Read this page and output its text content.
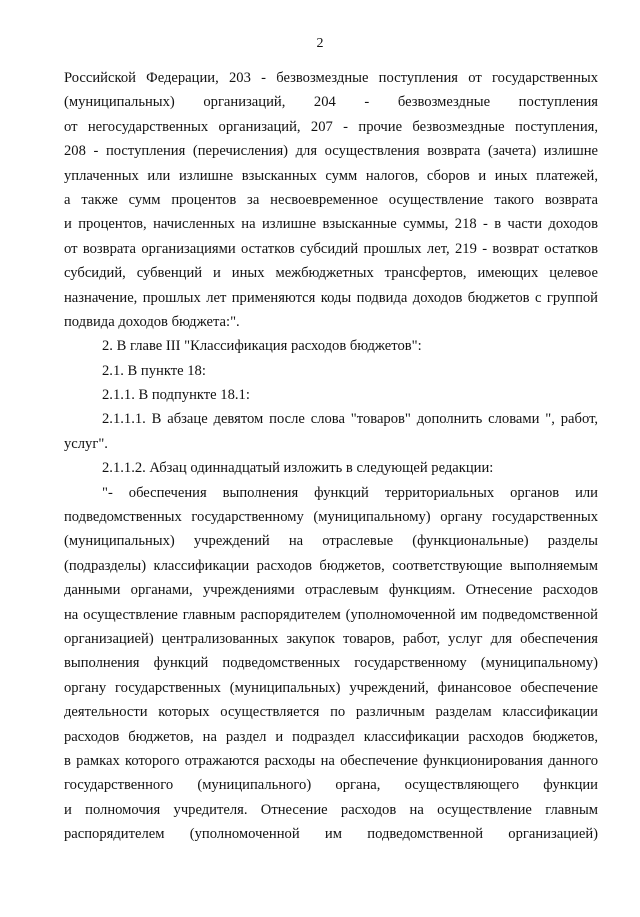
2
Российской Федерации, 203 - безвозмездные поступления от государственных
(муниципальных) организаций, 204 - безвозмездные поступления
от негосударственных организаций, 207 - прочие безвозмездные поступления,
208 - поступления (перечисления) для осуществления возврата (зачета) излишне
уплаченных или излишне взысканных сумм налогов, сборов и иных платежей,
а также сумм процентов за несвоевременное осуществление такого возврата
и процентов, начисленных на излишне взысканные суммы, 218 - в части доходов
от возврата организациями остатков субсидий прошлых лет, 219 - возврат остатков
субсидий, субвенций и иных межбюджетных трансфертов, имеющих целевое
назначение, прошлых лет применяются коды подвида доходов бюджетов с группой
подвида доходов бюджета:".
2. В главе III "Классификация расходов бюджетов":
2.1. В пункте 18:
2.1.1. В подпункте 18.1:
2.1.1.1. В абзаце девятом после слова "товаров" дополнить словами ", работ,
услуг".
2.1.1.2. Абзац одиннадцатый изложить в следующей редакции:
"- обеспечения выполнения функций территориальных органов или
подведомственных государственному (муниципальному) органу государственных
(муниципальных) учреждений на отраслевые (функциональные) разделы
(подразделы) классификации расходов бюджетов, соответствующие выполняемым
данными органами, учреждениями отраслевым функциям. Отнесение расходов
на осуществление главным распорядителем (уполномоченной им подведомственной
организацией) централизованных закупок товаров, работ, услуг для обеспечения
выполнения функций подведомственных государственному (муниципальному)
органу государственных (муниципальных) учреждений, финансовое обеспечение
деятельности которых осуществляется по различным разделам классификации
расходов бюджетов, на раздел и подраздел классификации расходов бюджетов,
в рамках которого отражаются расходы на обеспечение функционирования данного
государственного (муниципального) органа, осуществляющего функции
и полномочия учредителя. Отнесение расходов на осуществление главным
распорядителем (уполномоченной им подведомственной организацией)
